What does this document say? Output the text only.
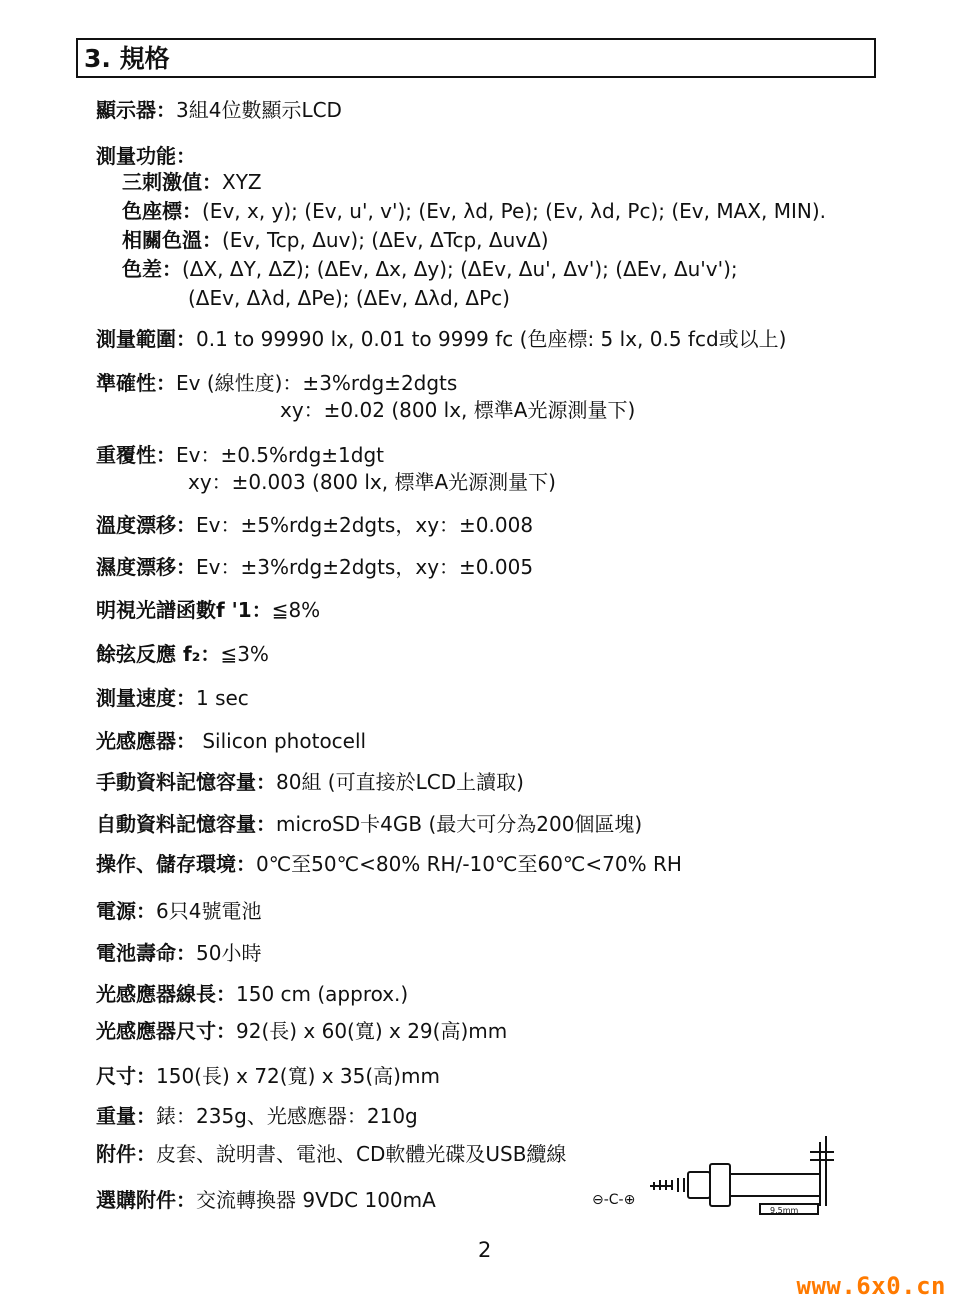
3. 規格
顯示器：3組4位數顯示LCD
測量功能：
三刺激值：XYZ
色座標：(Ev, x, y); (Ev, u', v'); (Ev, λd, Pe); (Ev, λd, Pc); (Ev, MAX, MIN).
相關色溫：(Ev, Tcp, Δuv); (ΔEv, ΔTcp, ΔuvΔ)
色差：(ΔX, ΔY, ΔZ); (ΔEv, Δx, Δy); (ΔEv, Δu', Δv'); (ΔEv, Δu'v');
(ΔEv, Δλd, ΔPe); (ΔEv, Δλd, ΔPc)
測量範圍：0.1 to 99990 lx, 0.01 to 9999 fc (色座標: 5 lx, 0.5 fcd或以上)
準確性：Ev (線性度)：±3%rdg±2dgts
xy：±0.02 (800 lx, 標準A光源測量下)
重覆性：Ev：±0.5%rdg±1dgt
xy：±0.003 (800 lx, 標準A光源測量下)
溫度漂移：Ev：±5%rdg±2dgts，xy：±0.008
濕度漂移：Ev：±3%rdg±2dgts，xy：±0.005
明視光譜函數f '1：≦8%
餘弦反應 f₂：≦3%
測量速度：1 sec
光感應器： Silicon photocell
手動資料記憶容量：80組 (可直接於LCD上讀取)
自動資料記憶容量：microSD卡4GB (最大可分為200個區塊)
操作、儲存環境：0℃至50℃<80% RH/-10℃至60℃<70% RH
電源：6只4號電池
電池壽命：50小時
光感應器線長：150 cm (approx.)
光感應器尺寸：92(長) x 60(寬) x 29(高)mm
尺寸：150(長) x 72(寬) x 35(高)mm
重量：錶：235g、光感應器：210g
附件：皮套、說明書、電池、CD軟體光碟及USB纜線
選購附件：交流轉換器 9VDC 100mA	⊖-C-⊕
9.5mm
2
www.6x0.cn
